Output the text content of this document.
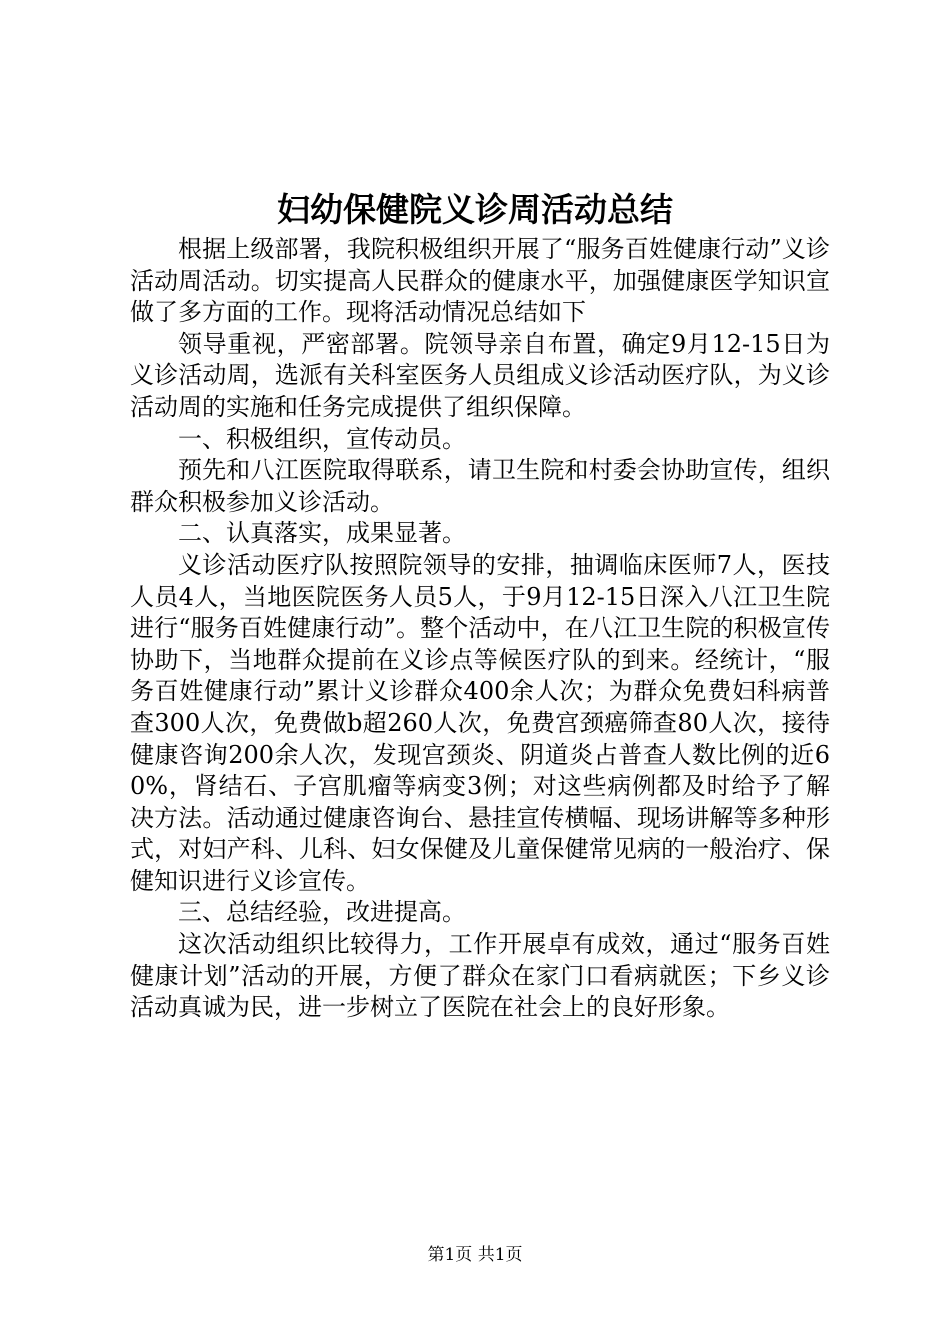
妇幼保健院义诊周活动总结

根据上级部署，我院积极组织开展了“服务百姓健康行动”义诊活动周活动。切实提高人民群众的健康水平，加强健康医学知识宣做了多方面的工作。现将活动情况总结如下

领导重视，严密部署。院领导亲自布置，确定9月12-15日为义诊活动周，选派有关科室医务人员组成义诊活动医疗队，为义诊活动周的实施和任务完成提供了组织保障。

一、积极组织，宣传动员。

预先和八江医院取得联系，请卫生院和村委会协助宣传，组织群众积极参加义诊活动。

二、认真落实，成果显著。

义诊活动医疗队按照院领导的安排，抽调临床医师7人，医技人员4人，当地医院医务人员5人，于9月12-15日深入八江卫生院进行“服务百姓健康行动”。整个活动中，在八江卫生院的积极宣传协助下，当地群众提前在义诊点等候医疗队的到来。经统计，“服务百姓健康行动”累计义诊群众400余人次；为群众免费妇科病普查300人次，免费做b超260人次，免费宫颈癌筛查80人次，接待健康咨询200余人次，发现宫颈炎、阴道炎占普查人数比例的近60%，肾结石、子宫肌瘤等病变3例；对这些病例都及时给予了解决方法。活动通过健康咨询台、悬挂宣传横幅、现场讲解等多种形式，对妇产科、儿科、妇女保健及儿童保健常见病的一般治疗、保健知识进行义诊宣传。

三、总结经验，改进提高。

这次活动组织比较得力，工作开展卓有成效，通过“服务百姓健康计划”活动的开展，方便了群众在家门口看病就医；下乡义诊活动真诚为民，进一步树立了医院在社会上的良好形象。

第1页 共1页
